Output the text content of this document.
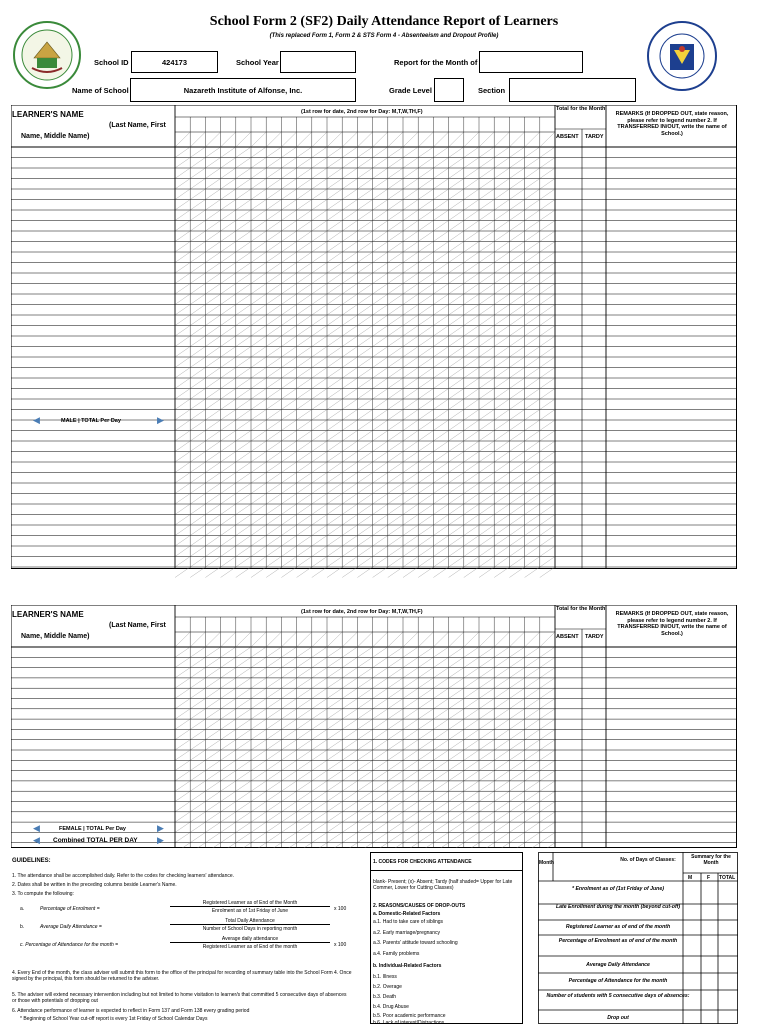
School Form 2 (SF2) Daily Attendance Report of Learners
(This replaced Form 1, Form 2 & STS Form 4 - Absenteeism and Dropout Profile)
School ID	424173	School Year	Report for the Month of
Name of School	Nazareth Institute of Alfonse, Inc.	Grade Level	Section
LEARNER'S NAME
(Last Name, First
Name, Middle Name)
(1st row for date, 2nd row for Day: M,T,W,TH,F)	Total for the Month
ABSENT TARDY
REMARKS (If DROPPED OUT, state reason, please refer to legend number 2. If TRANSFERRED IN/OUT, write the name of School.)
◀	MALE | TOTAL Per Day	▶
LEARNER'S NAME
(Last Name, First
Name, Middle Name)
(1st row for date, 2nd row for Day: M,T,W,TH,F)	Total for the Month
ABSENT TARDY
REMARKS (If DROPPED OUT, state reason, please refer to legend number 2. If TRANSFERRED IN/OUT, write the name of School.)
◀	FEMALE | TOTAL Per Day	▶
◀ Combined TOTAL PER DAY ▶
GUIDELINES:
1. The attendance shall be accomplished daily. Refer to the codes for checking learners' attendance.
2. Dates shall be written in the preceding columns beside Learner's Name.
3. To compute the following:
a.	Percentage of Enrolment =
Registered Learner as of End of the Month
Enrolment as of 1st Friday of June	x 100
b.	Average Daily Attendance =
Total Daily Attendance
Number of School Days in reporting month
c. Percentage of Attendance for the month =
Average daily attendance
Registered Learner as of End of the month	x 100
4. Every End of the month, the class adviser will submit this form to the office of the principal for recording of summary table into the School Form 4. Once signed by the principal, this form should be returned to the adviser.
5. The adviser will extend necessary intervention including but not limited to home visitation to learner/s that committed 5 consecutive days of absences or those with potentials of dropping out
6. Attendance performance of learner is expected to reflect in Form 137 and Form 138 every grading period
* Beginning of School Year cut-off report is every 1st Friday of School Calendar Days
1. CODES FOR CHECKING ATTENDANCE
blank- Present; (x)- Absent; Tardy (half shaded= Upper for Late Commer, Lower for Cutting Classes)
2. REASONS/CAUSES OF DROP-OUTS
a. Domestic-Related Factors
a.1. Had to take care of siblings
a.2. Early marriage/pregnancy
a.3. Parents' attitude toward schooling
a.4. Family problems
b. Individual-Related Factors
b.1. Illness
b.2. Overage
b.3. Death
b.4. Drug Abuse
b.5. Poor academic performance
b.6. Lack of interest/Distractions
Month	No. of Days of Classes:	Summary for the Month
M	F TOTAL
* Enrolment as of (1st Friday of June)
Late Enrollment during the month (beyond cut-off)
Registered Learner as of end of the month
Percentage of Enrolment as of end of the month
Average Daily Attendance
Percentage of Attendance for the month
Number of students with 5 consecutive days of absences:
Drop out
